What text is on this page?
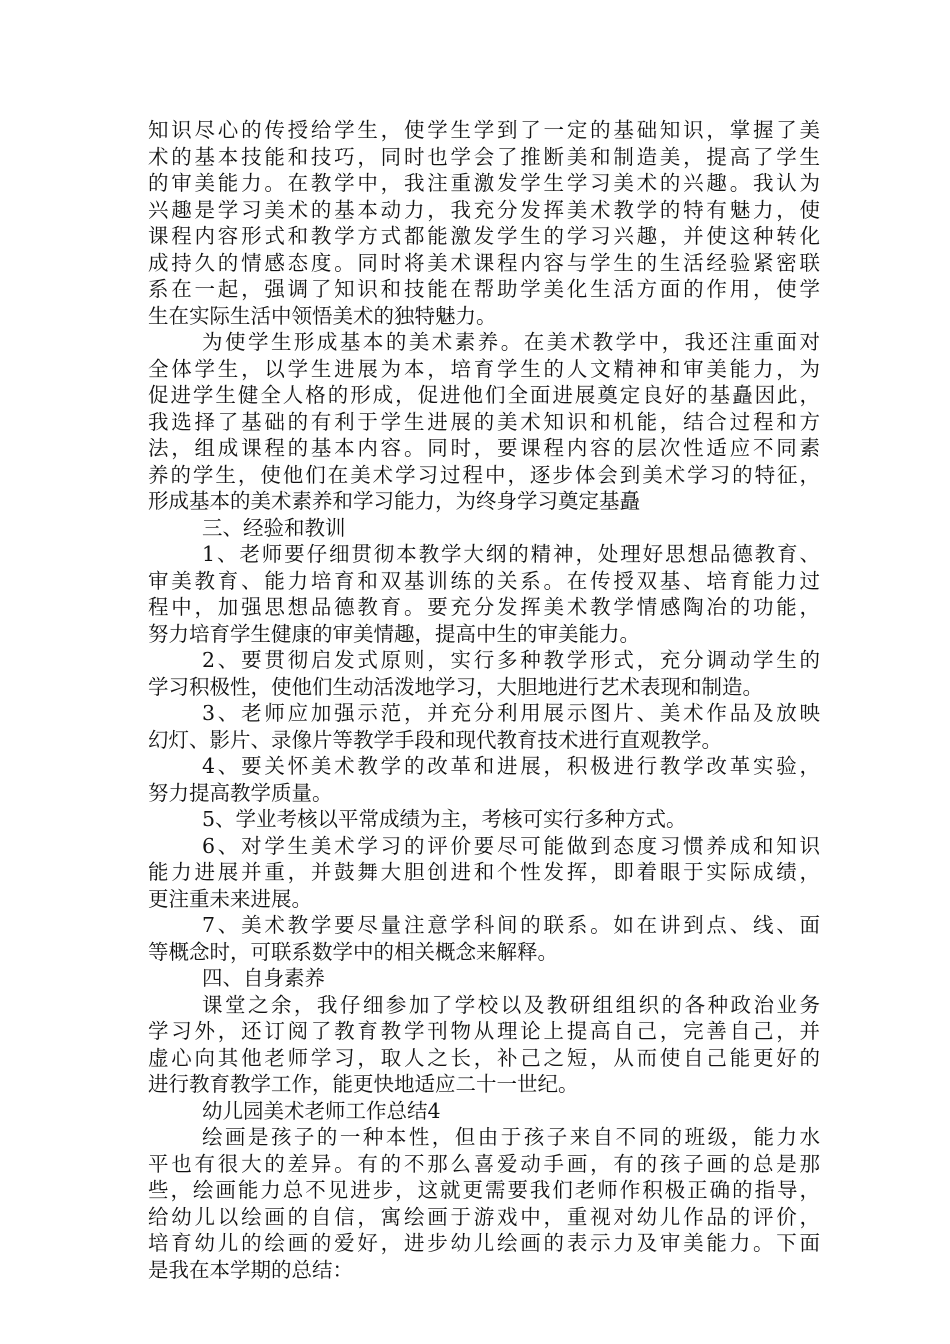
知识尽心的传授给学生，使学生学到了一定的基础知识，掌握了美
术的基本技能和技巧，同时也学会了推断美和制造美，提高了学生
的审美能力。在教学中，我注重激发学生学习美术的兴趣。我认为
兴趣是学习美术的基本动力，我充分发挥美术教学的特有魅力，使
课程内容形式和教学方式都能激发学生的学习兴趣，并使这种转化
成持久的情感态度。同时将美术课程内容与学生的生活经验紧密联
系在一起，强调了知识和技能在帮助学美化生活方面的作用，使学
生在实际生活中领悟美术的独特魅力。
为使学生形成基本的美术素养。在美术教学中，我还注重面对
全体学生，以学生进展为本，培育学生的人文精神和审美能力，为
促进学生健全人格的形成，促进他们全面进展奠定良好的基矗因此，
我选择了基础的有利于学生进展的美术知识和机能，结合过程和方
法，组成课程的基本内容。同时，要课程内容的层次性适应不同素
养的学生，使他们在美术学习过程中，逐步体会到美术学习的特征，
形成基本的美术素养和学习能力，为终身学习奠定基矗
三、经验和教训
1、老师要仔细贯彻本教学大纲的精神，处理好思想品德教育、
审美教育、能力培育和双基训练的关系。在传授双基、培育能力过
程中，加强思想品德教育。要充分发挥美术教学情感陶冶的功能，
努力培育学生健康的审美情趣，提高中生的审美能力。
2、要贯彻启发式原则，实行多种教学形式，充分调动学生的
学习积极性，使他们生动活泼地学习，大胆地进行艺术表现和制造。
3、老师应加强示范，并充分利用展示图片、美术作品及放映
幻灯、影片、录像片等教学手段和现代教育技术进行直观教学。
4、要关怀美术教学的改革和进展，积极进行教学改革实验，
努力提高教学质量。
5、学业考核以平常成绩为主，考核可实行多种方式。
6、对学生美术学习的评价要尽可能做到态度习惯养成和知识
能力进展并重，并鼓舞大胆创进和个性发挥，即着眼于实际成绩，
更注重未来进展。
7、美术教学要尽量注意学科间的联系。如在讲到点、线、面
等概念时，可联系数学中的相关概念来解释。
四、自身素养
课堂之余，我仔细参加了学校以及教研组组织的各种政治业务
学习外，还订阅了教育教学刊物从理论上提高自己，完善自己，并
虚心向其他老师学习，取人之长，补己之短，从而使自己能更好的
进行教育教学工作，能更快地适应二十一世纪。
幼儿园美术老师工作总结4
绘画是孩子的一种本性，但由于孩子来自不同的班级，能力水
平也有很大的差异。有的不那么喜爱动手画，有的孩子画的总是那
些，绘画能力总不见进步，这就更需要我们老师作积极正确的指导，
给幼儿以绘画的自信，寓绘画于游戏中，重视对幼儿作品的评价，
培育幼儿的绘画的爱好，进步幼儿绘画的表示力及审美能力。下面
是我在本学期的总结：
